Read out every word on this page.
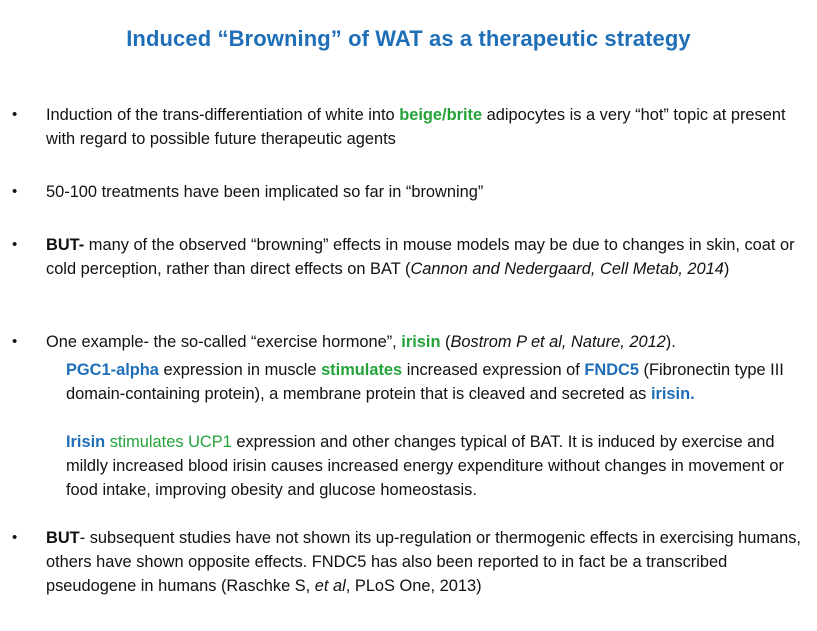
Induced “Browning” of WAT as a therapeutic strategy
• Induction of the trans-differentiation of white into beige/brite adipocytes is a very “hot” topic at present with regard to possible future therapeutic agents
• 50-100 treatments have been implicated so far in “browning”
• BUT- many of the observed “browning” effects in mouse models may be due to changes in skin, coat or cold perception, rather than direct effects on BAT (Cannon and Nedergaard, Cell Metab, 2014)
• One example- the so-called “exercise hormone”, irisin (Bostrom P et al, Nature, 2012).
PGC1-alpha expression in muscle stimulates increased expression of FNDC5 (Fibronectin type III domain-containing protein), a membrane protein that is cleaved and secreted as irisin.
Irisin stimulates UCP1 expression and other changes typical of BAT. It is induced by exercise and mildly increased blood irisin causes increased energy expenditure without changes in movement or food intake, improving obesity and glucose homeostasis.
• BUT- subsequent studies have not shown its up-regulation or thermogenic effects in exercising humans, others have shown opposite effects. FNDC5 has also been reported to in fact be a transcribed pseudogene in humans (Raschke S, et al, PLoS One, 2013)
